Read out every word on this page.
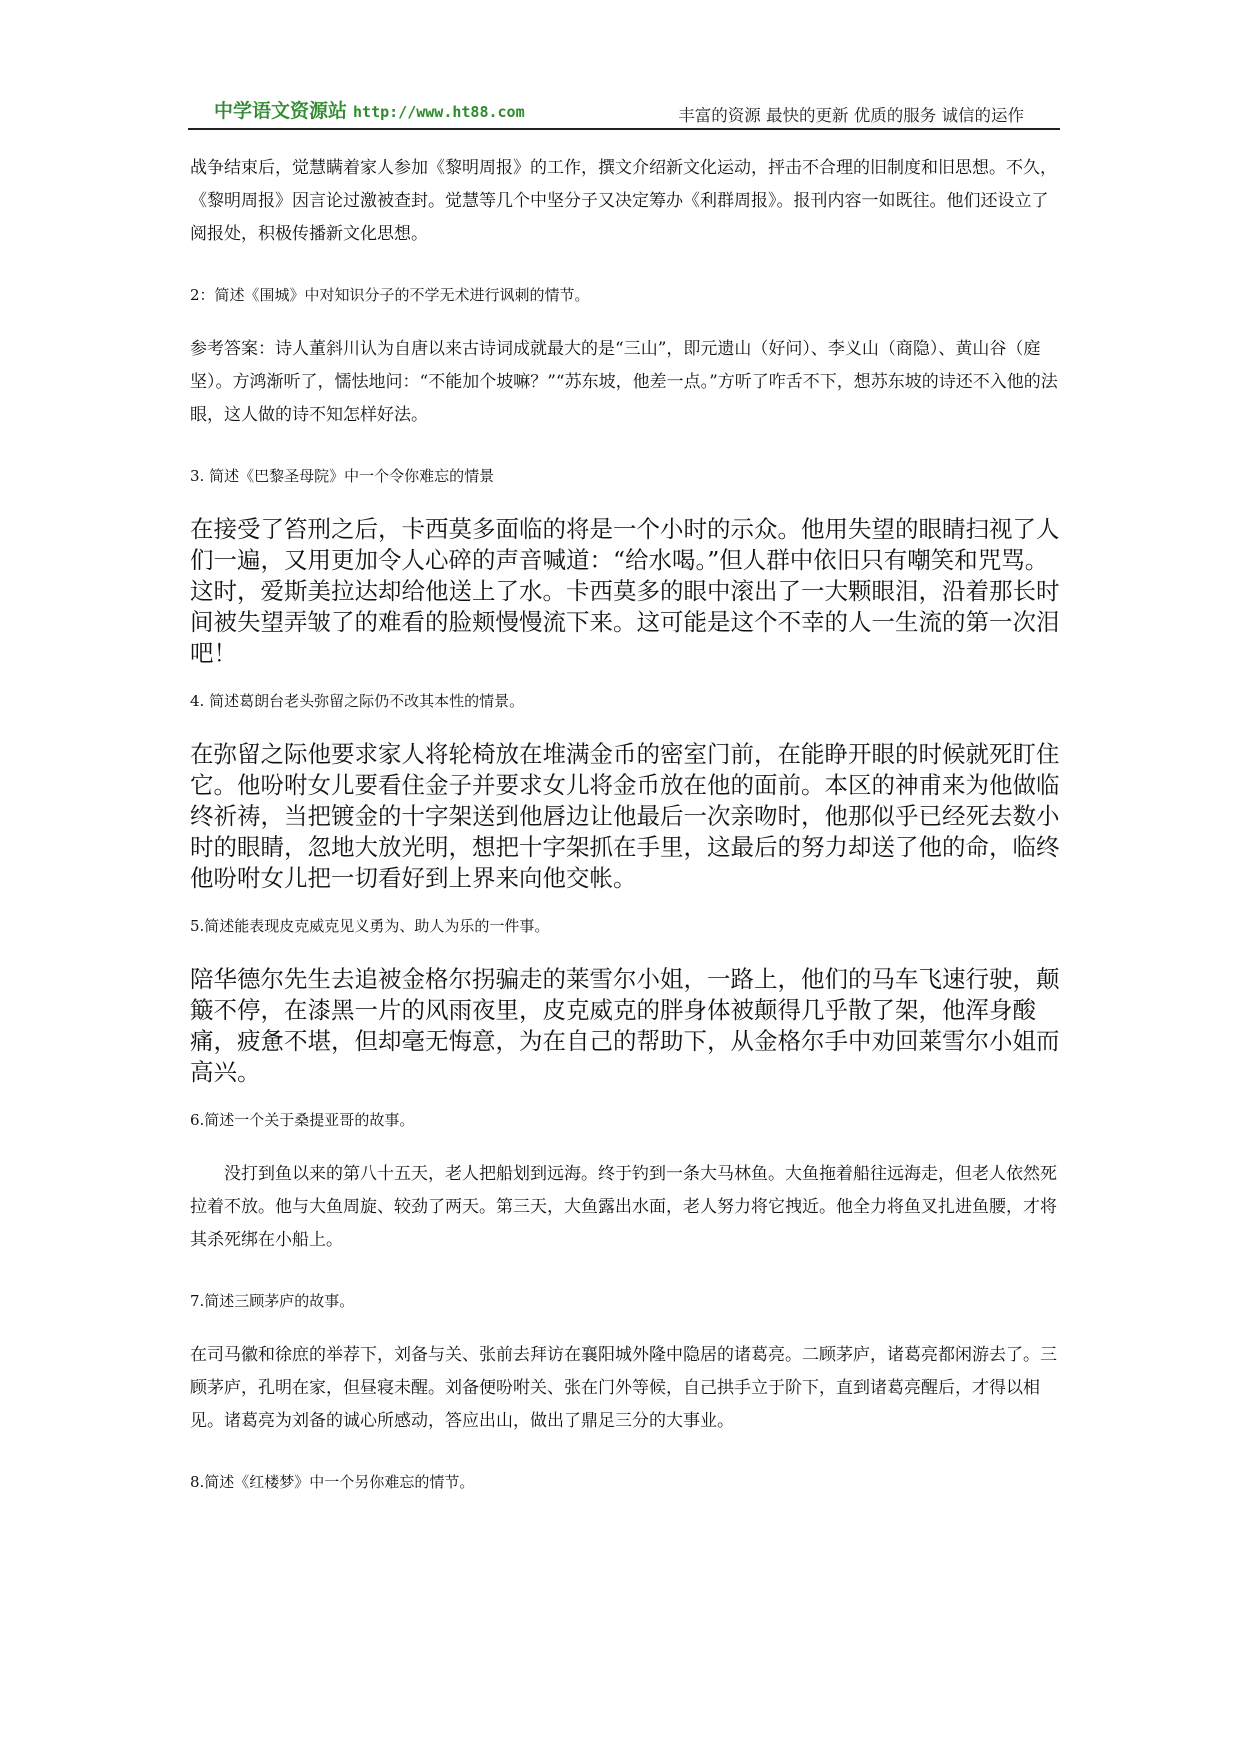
中学语文资源站 http://www.ht88.com	丰富的资源 最快的更新 优质的服务 诚信的运作

战争结束后，觉慧瞒着家人参加《黎明周报》的工作，撰文介绍新文化运动，抨击不合理的旧制度和旧思想。不久，《黎明周报》因言论过激被查封。觉慧等几个中坚分子又决定筹办《利群周报》。报刊内容一如既往。他们还设立了阅报处，积极传播新文化思想。

2：简述《围城》中对知识分子的不学无术进行讽刺的情节。

参考答案：诗人董斜川认为自唐以来古诗词成就最大的是“三山”，即元遗山（好问）、李义山（商隐）、黄山谷（庭坚）。方鸿渐听了，懦怯地问：“不能加个坡嘛？”“苏东坡，他差一点。”方听了咋舌不下，想苏东坡的诗还不入他的法眼，这人做的诗不知怎样好法。

3. 简述《巴黎圣母院》中一个令你难忘的情景

在接受了笞刑之后，卡西莫多面临的将是一个小时的示众。他用失望的眼睛扫视了人们一遍，又用更加令人心碎的声音喊道：“给水喝。”但人群中依旧只有嘲笑和咒骂。这时，爱斯美拉达却给他送上了水。卡西莫多的眼中滚出了一大颗眼泪，沿着那长时间被失望弄皱了的难看的脸颊慢慢流下来。这可能是这个不幸的人一生流的第一次泪吧！

4. 简述葛朗台老头弥留之际仍不改其本性的情景。

在弥留之际他要求家人将轮椅放在堆满金币的密室门前，在能睁开眼的时候就死盯住它。他吩咐女儿要看住金子并要求女儿将金币放在他的面前。本区的神甫来为他做临终祈祷，当把镀金的十字架送到他唇边让他最后一次亲吻时，他那似乎已经死去数小时的眼睛，忽地大放光明，想把十字架抓在手里，这最后的努力却送了他的命，临终他吩咐女儿把一切看好到上界来向他交帐。

5.简述能表现皮克威克见义勇为、助人为乐的一件事。

陪华德尔先生去追被金格尔拐骗走的莱雪尔小姐，一路上，他们的马车飞速行驶，颠簸不停，在漆黑一片的风雨夜里，皮克威克的胖身体被颠得几乎散了架，他浑身酸痛，疲惫不堪，但却毫无悔意，为在自己的帮助下，从金格尔手中劝回莱雪尔小姐而高兴。

6.简述一个关于桑提亚哥的故事。

没打到鱼以来的第八十五天，老人把船划到远海。终于钓到一条大马林鱼。大鱼拖着船往远海走，但老人依然死拉着不放。他与大鱼周旋、较劲了两天。第三天，大鱼露出水面，老人努力将它拽近。他全力将鱼叉扎进鱼腰，才将其杀死绑在小船上。

7.简述三顾茅庐的故事。

在司马徽和徐庶的举荐下，刘备与关、张前去拜访在襄阳城外隆中隐居的诸葛亮。二顾茅庐，诸葛亮都闲游去了。三顾茅庐，孔明在家，但昼寝未醒。刘备便吩咐关、张在门外等候，自己拱手立于阶下，直到诸葛亮醒后，才得以相见。诸葛亮为刘备的诚心所感动，答应出山，做出了鼎足三分的大事业。

8.简述《红楼梦》中一个另你难忘的情节。
